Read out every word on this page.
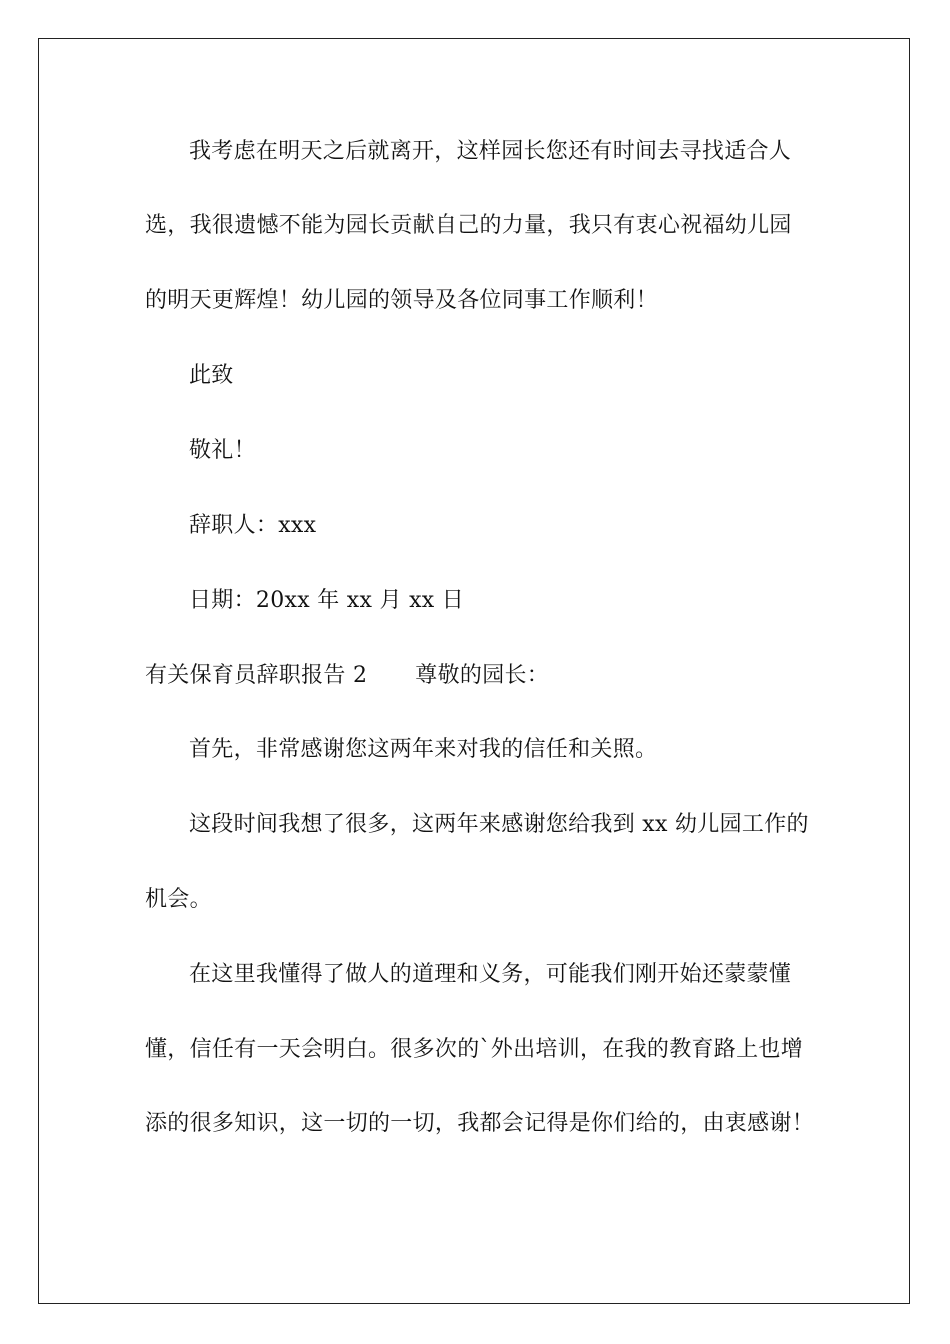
我考虑在明天之后就离开，这样园长您还有时间去寻找适合人
选，我很遗憾不能为园长贡献自己的力量，我只有衷心祝福幼儿园
的明天更辉煌！幼儿园的领导及各位同事工作顺利！
此致
敬礼！
辞职人：xxx
日期：20xx 年 xx 月 xx 日
有关保育员辞职报告 2 尊敬的园长：
首先，非常感谢您这两年来对我的信任和关照。
这段时间我想了很多，这两年来感谢您给我到 xx 幼儿园工作的
机会。
在这里我懂得了做人的道理和义务，可能我们刚开始还蒙蒙懂
懂，信任有一天会明白。很多次的`外出培训，在我的教育路上也增
添的很多知识，这一切的一切，我都会记得是你们给的，由衷感谢！
